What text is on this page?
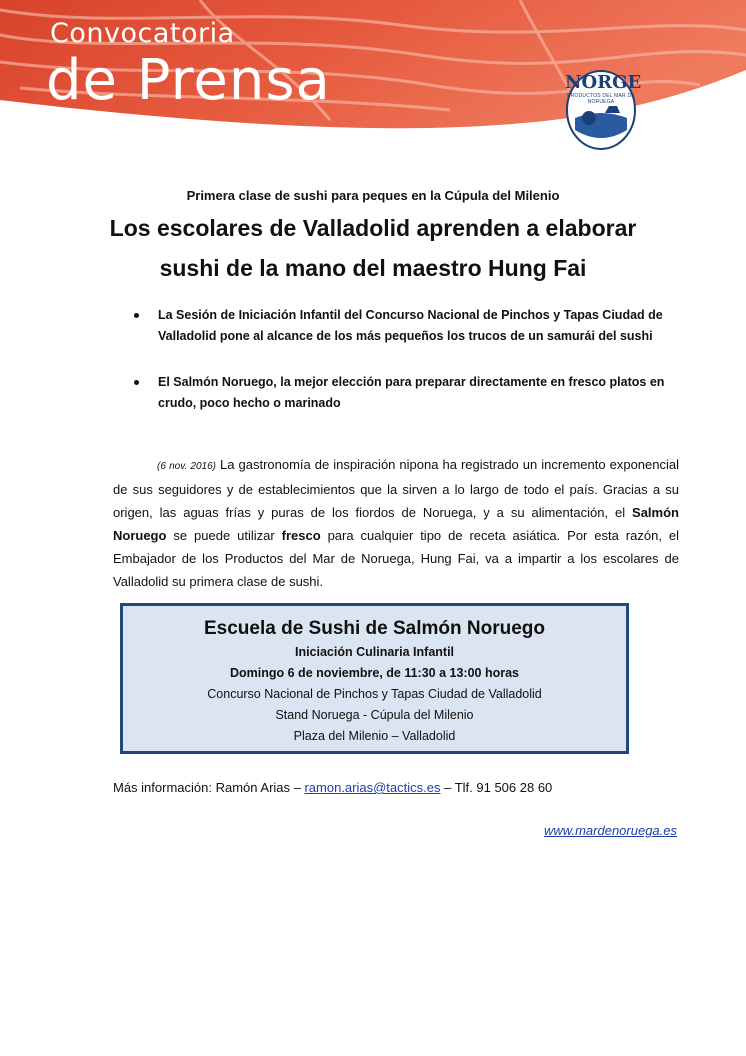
Convocatoria
de Prensa	NORGE
PRODUCTOS DEL MAR DE NORUEGA
Primera clase de sushi para peques en la Cúpula del Milenio
Los escolares de Valladolid aprenden a elaborar sushi de la mano del maestro Hung Fai
La Sesión de Iniciación Infantil del Concurso Nacional de Pinchos y Tapas Ciudad de Valladolid pone al alcance de los más pequeños los trucos de un samurái del sushi
El Salmón Noruego, la mejor elección para preparar directamente en fresco platos en crudo, poco hecho o marinado
(6 nov. 2016) La gastronomía de inspiración nipona ha registrado un incremento exponencial de sus seguidores y de establecimientos que la sirven a lo largo de todo el país. Gracias a su origen, las aguas frías y puras de los fiordos de Noruega, y a su alimentación, el Salmón Noruego se puede utilizar fresco para cualquier tipo de receta asiática. Por esta razón, el Embajador de los Productos del Mar de Noruega, Hung Fai, va a impartir a los escolares de Valladolid su primera clase de sushi.
Escuela de Sushi de Salmón Noruego
Iniciación Culinaria Infantil
Domingo 6 de noviembre, de 11:30 a 13:00 horas
Concurso Nacional de Pinchos y Tapas Ciudad de Valladolid
Stand Noruega - Cúpula del Milenio
Plaza del Milenio – Valladolid
Más información: Ramón Arias – ramon.arias@tactics.es – Tlf. 91 506 28 60
www.mardenoruega.es
